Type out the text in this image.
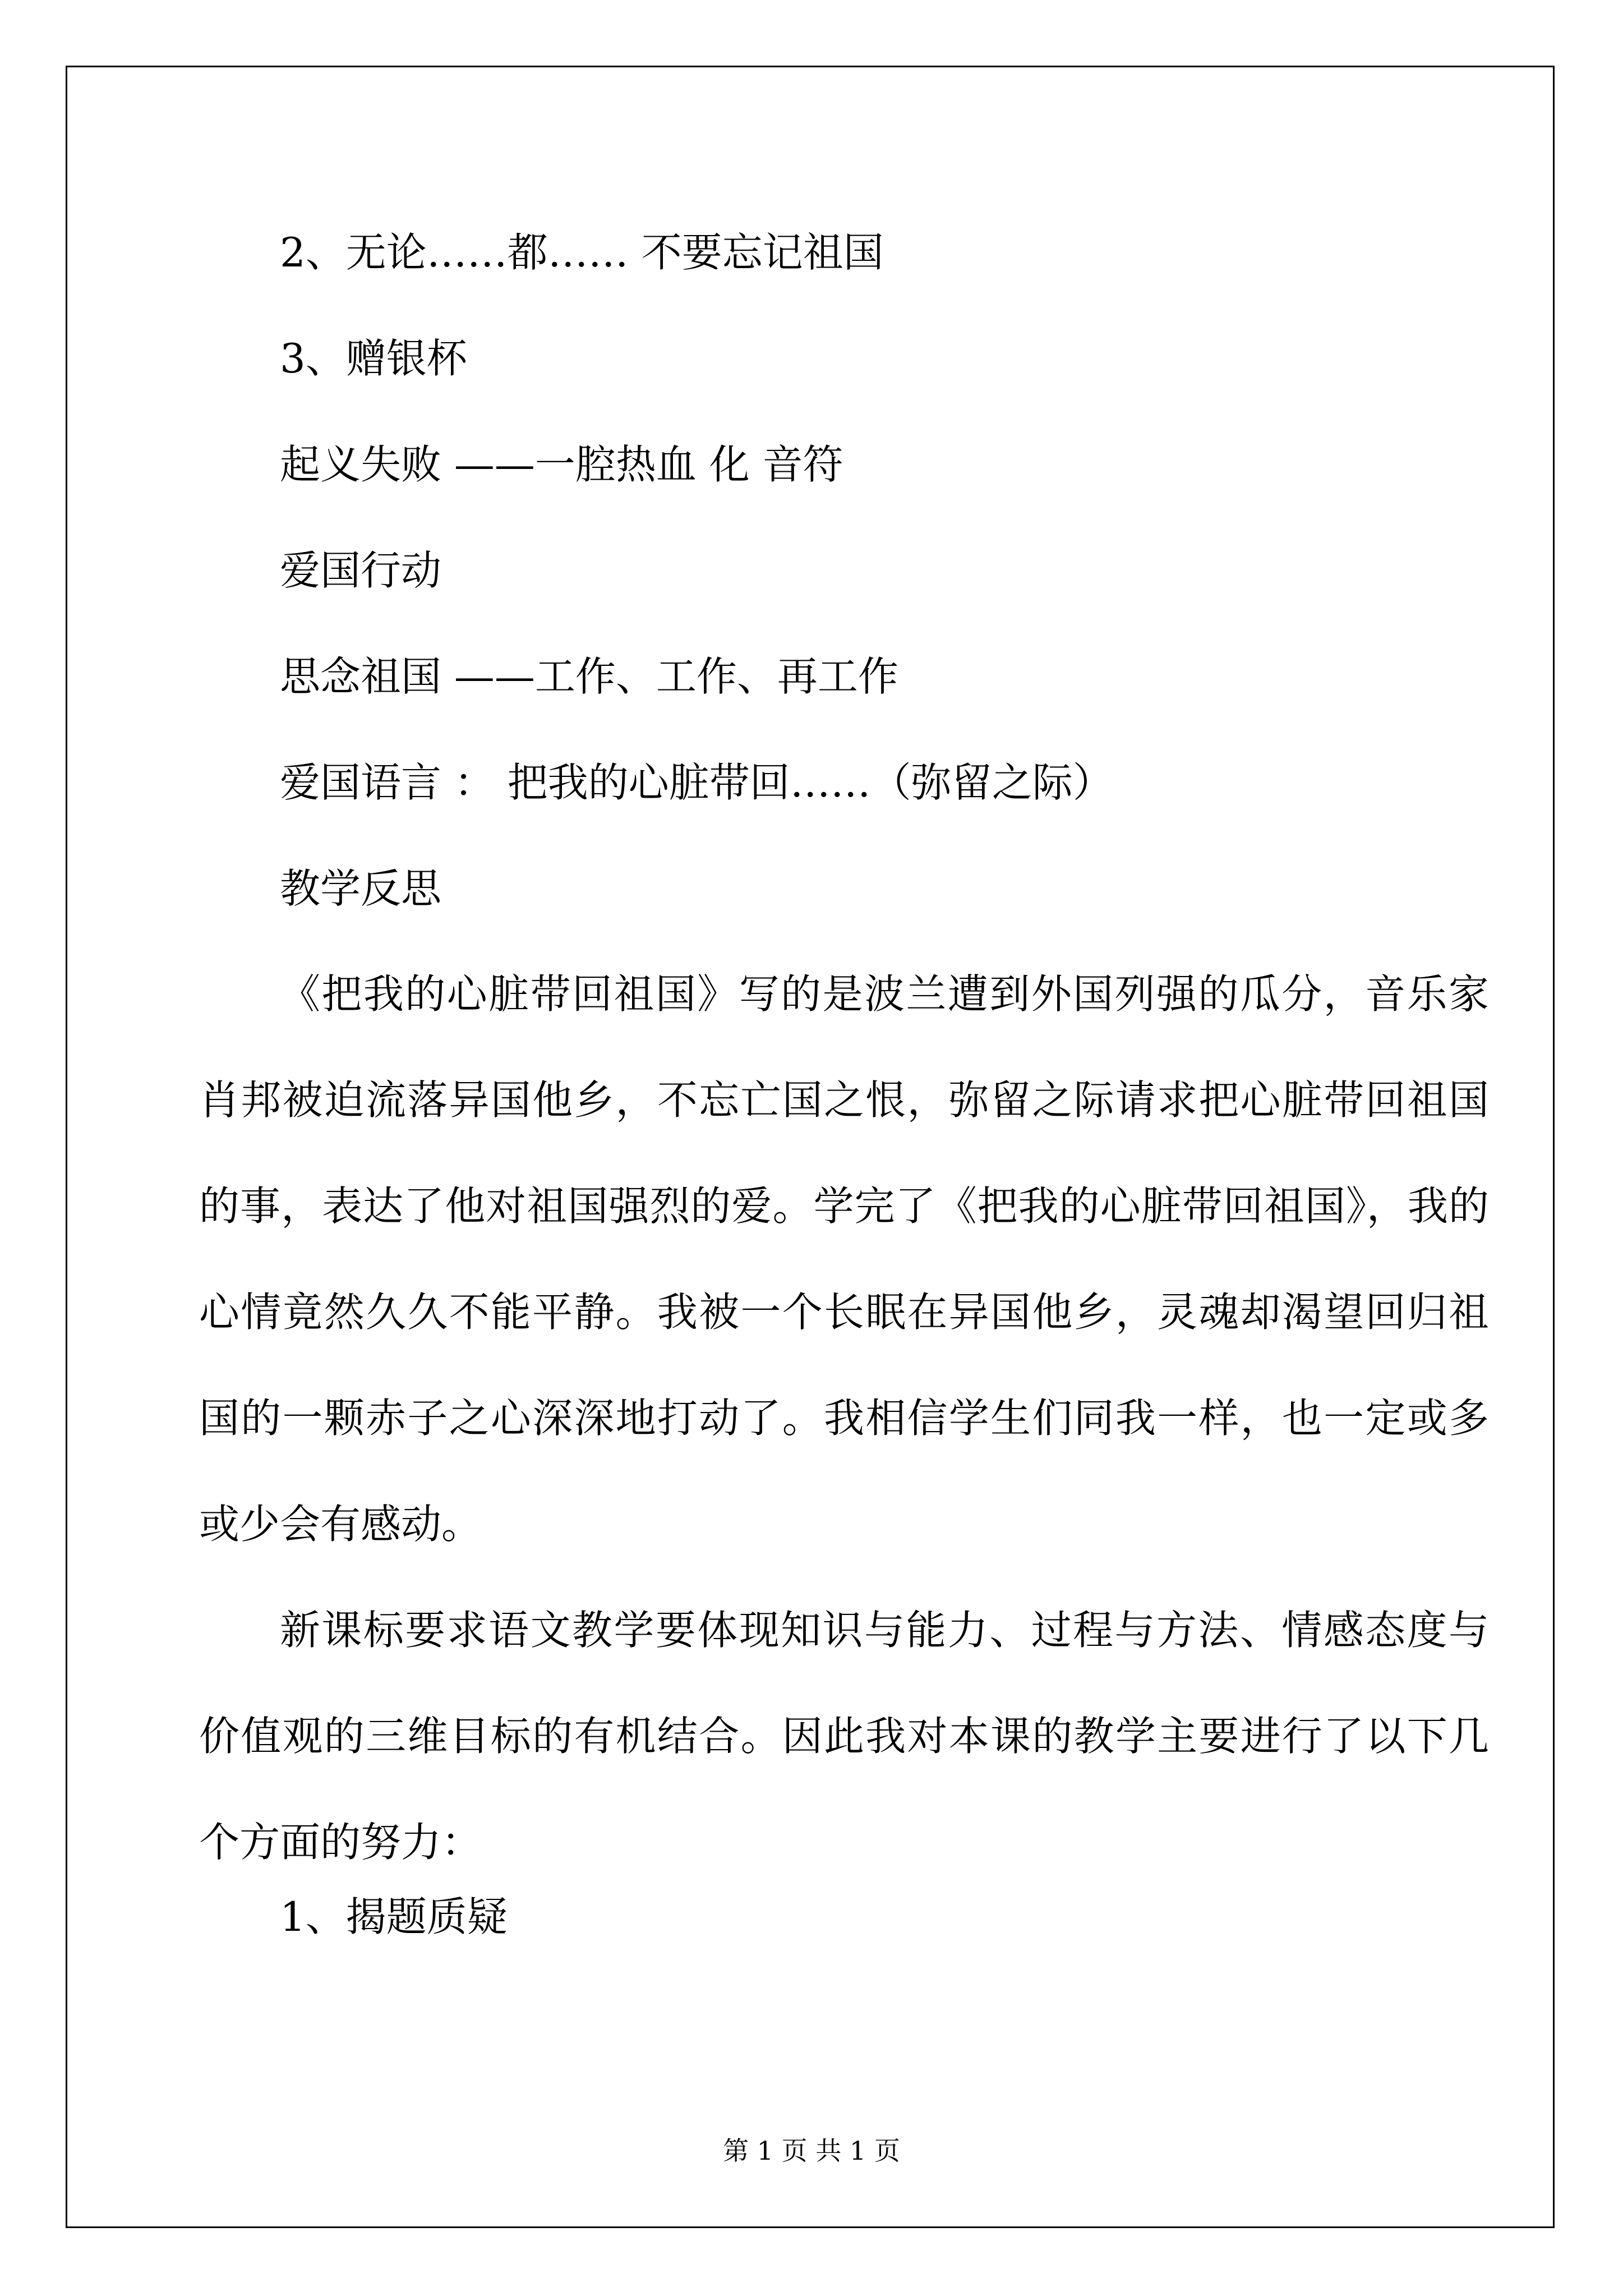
2、无论……都…… 不要忘记祖国
3、赠银杯
起义失败 ——一腔热血 化 音符
爱国行动
思念祖国 ——工作、工作、再工作
爱国语言 ： 把我的心脏带回……（弥留之际）
教学反思
《把我的心脏带回祖国》写的是波兰遭到外国列强的瓜分，音乐家肖邦被迫流落异国他乡，不忘亡国之恨，弥留之际请求把心脏带回祖国的事，表达了他对祖国强烈的爱。学完了《把我的心脏带回祖国》，我的心情竟然久久不能平静。我被一个长眠在异国他乡，灵魂却渴望回归祖国的一颗赤子之心深深地打动了。我相信学生们同我一样，也一定或多或少会有感动。
新课标要求语文教学要体现知识与能力、过程与方法、情感态度与价值观的三维目标的有机结合。因此我对本课的教学主要进行了以下几个方面的努力：
1、揭题质疑
第 1 页 共 1 页
